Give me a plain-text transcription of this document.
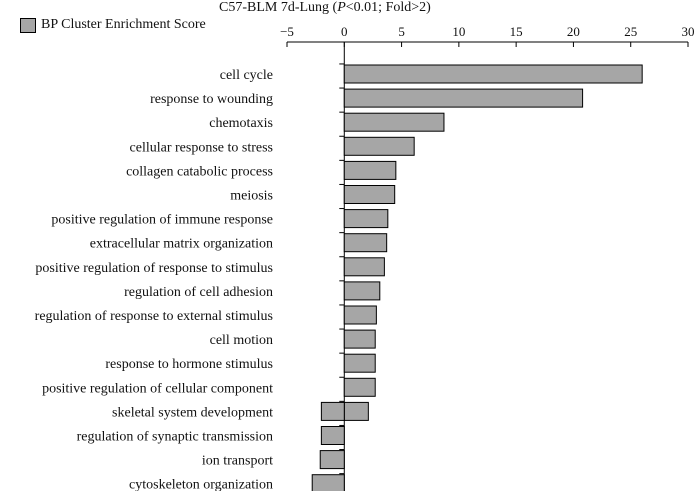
C57-BLM 7d-Lung (P<0.01; Fold>2)
BP Cluster Enrichment Score	−5	0	5	10	15	20	25	30
cell cycle
response to wounding
chemotaxis
cellular response to stress
collagen catabolic process
meiosis
positive regulation of immune response
extracellular matrix organization
positive regulation of response to stimulus
regulation of cell adhesion
regulation of response to external stimulus
cell motion
response to hormone stimulus
positive regulation of cellular component
skeletal system development
regulation of synaptic transmission
ion transport
cytoskeleton organization
